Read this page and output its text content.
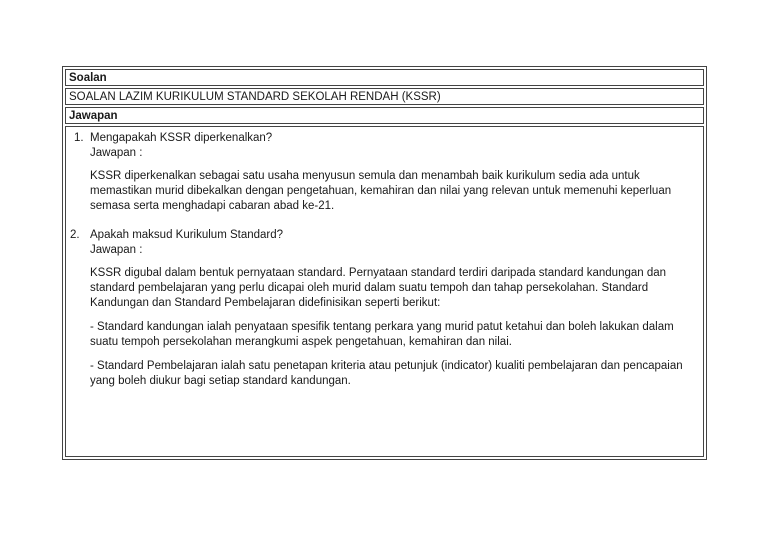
Soalan
SOALAN LAZIM KURIKULUM STANDARD SEKOLAH RENDAH (KSSR)
Jawapan
1. Mengapakah KSSR diperkenalkan?

Jawapan :

KSSR diperkenalkan sebagai satu usaha menyusun semula dan menambah baik kurikulum sedia ada untuk memastikan murid dibekalkan dengan pengetahuan, kemahiran dan nilai yang relevan untuk memenuhi keperluan semasa serta menghadapi cabaran abad ke-21.

2. Apakah maksud Kurikulum Standard?

Jawapan :

KSSR digubal dalam bentuk pernyataan standard. Pernyataan standard terdiri daripada standard kandungan dan standard pembelajaran yang perlu dicapai oleh murid dalam suatu tempoh dan tahap persekolahan. Standard Kandungan dan Standard Pembelajaran didefinisikan seperti berikut:

- Standard kandungan ialah penyataan spesifik tentang perkara yang murid patut ketahui dan boleh lakukan dalam suatu tempoh persekolahan merangkumi aspek pengetahuan, kemahiran dan nilai.

- Standard Pembelajaran ialah satu penetapan kriteria atau petunjuk (indicator) kualiti pembelajaran dan pencapaian yang boleh diukur bagi setiap standard kandungan.
